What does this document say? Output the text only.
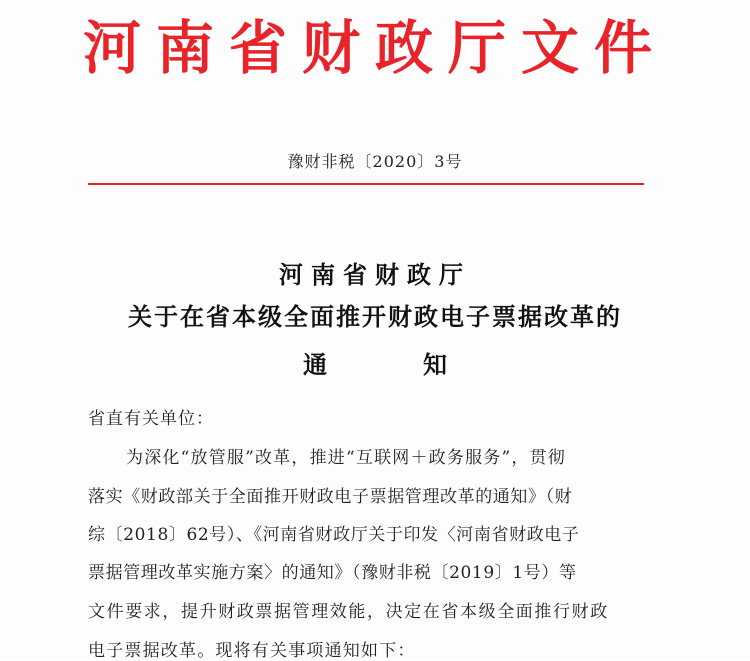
河南省财政厅文件
豫财非税〔2020〕3号
河南省财政厅
关于在省本级全面推开财政电子票据改革的
通	知
省直有关单位：
为深化“放管服”改革，推进“互联网＋政务服务”，贯彻
落实《财政部关于全面推开财政电子票据管理改革的通知》（财
综〔2018〕62号）、《河南省财政厅关于印发〈河南省财政电子
票据管理改革实施方案〉的通知》（豫财非税〔2019〕1号）等
文件要求，提升财政票据管理效能，决定在省本级全面推行财政
电子票据改革。现将有关事项通知如下：
